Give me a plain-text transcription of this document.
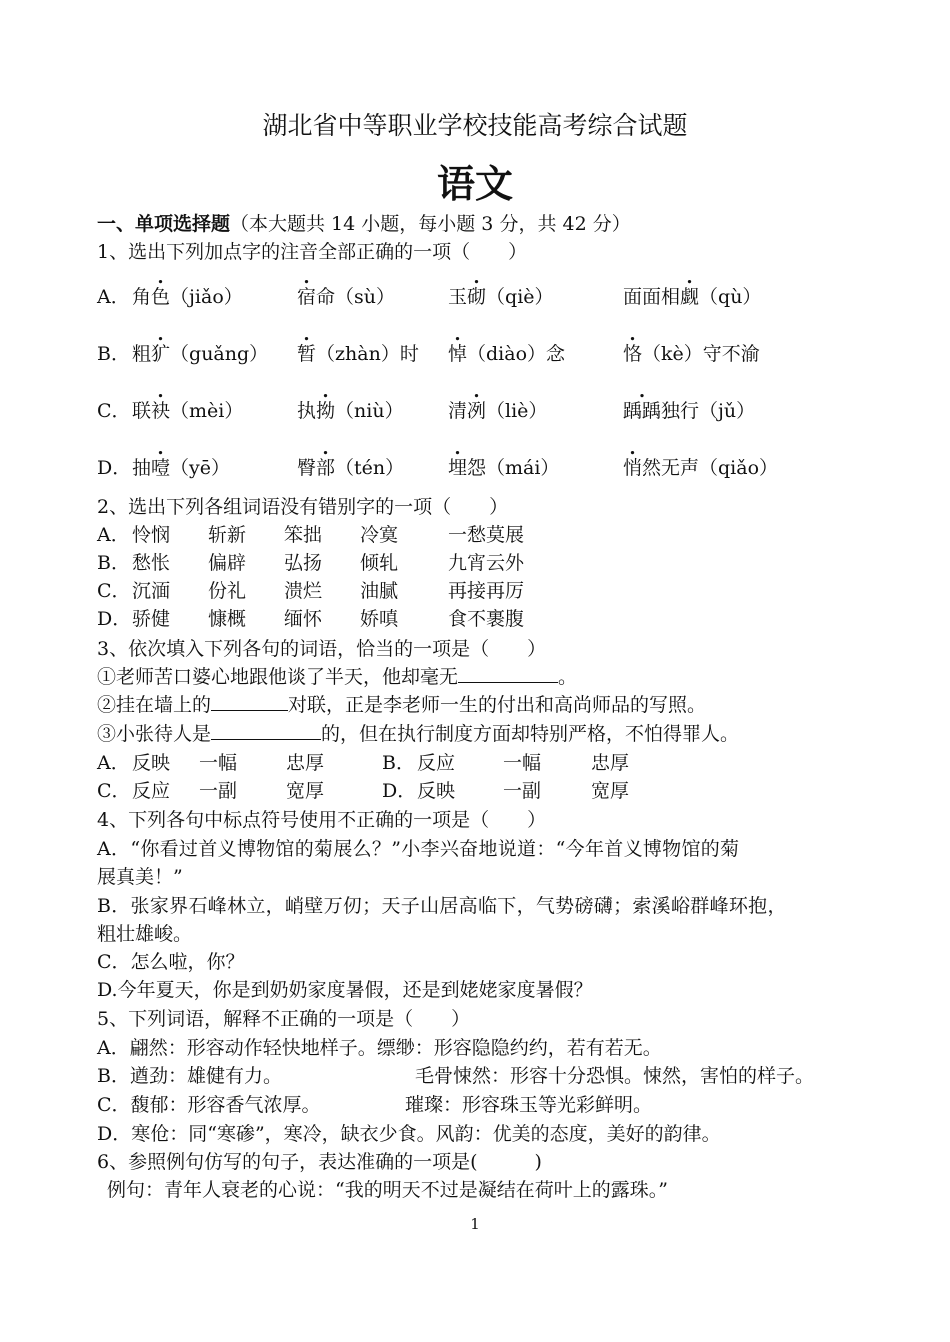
湖北省中等职业学校技能高考综合试题
语文
一、单项选择题（本大题共 14 小题，每小题 3 分，共 42 分）
1、选出下列加点字的注音全部正确的一项（　　）
A． 角色（jiǎo）	宿命（sù）	玉砌（qiè）	面面相觑（qù）
B． 粗犷（guǎng） 暂（zhàn）时 悼（diào）念	恪（kè）守不渝
C． 联袂（mèi）	执拗（niù） 清冽（liè）	踽踽独行（jǔ）
D． 抽噎（yē）	臀部（tén） 埋怨（mái）	悄然无声（qiǎo）
2、选出下列各组词语没有错别字的一项（　　）
A． 怜悯 斩新 笨拙 冷寞	一愁莫展
B． 愁怅 偏辟 弘扬 倾轧	九宵云外
C． 沉湎 份礼 溃烂 油腻	再接再厉
D． 骄健 慷概 缅怀 娇嗔	食不裹腹
3、依次填入下列各句的词语，恰当的一项是（　　）
①老师苦口婆心地跟他谈了半天，他却毫无	。
②挂在墙上的	对联，正是李老师一生的付出和高尚师品的写照。
③小张待人是	的，但在执行制度方面却特别严格，不怕得罪人。
A． 反映 一幅	忠厚	B． 反应	一幅	忠厚
C． 反应 一副	宽厚	D． 反映	一副	宽厚
4、下列各句中标点符号使用不正确的一项是（　　）
A．“你看过首义博物馆的菊展么？”小李兴奋地说道：“今年首义博物馆的菊
展真美！”
B．张家界石峰林立，峭壁万仞；天子山居高临下，气势磅礴；索溪峪群峰环抱，
粗壮雄峻。
C．怎么啦，你？
D.今年夏天，你是到奶奶家度暑假，还是到姥姥家度暑假？
5、下列词语，解释不正确的一项是（　　）
A．翩然：形容动作轻快地样子。缥缈：形容隐隐约约，若有若无。
B．遒劲：雄健有力。	毛骨悚然：形容十分恐惧。悚然，害怕的样子。
C．馥郁：形容香气浓厚。	璀璨：形容珠玉等光彩鲜明。
D．寒伧：同“寒碜”，寒冷，缺衣少食。风韵：优美的态度，美好的韵律。
6、参照例句仿写的句子，表达准确的一项是(　　　)
例句：青年人衰老的心说：“我的明天不过是凝结在荷叶上的露珠。”
1
